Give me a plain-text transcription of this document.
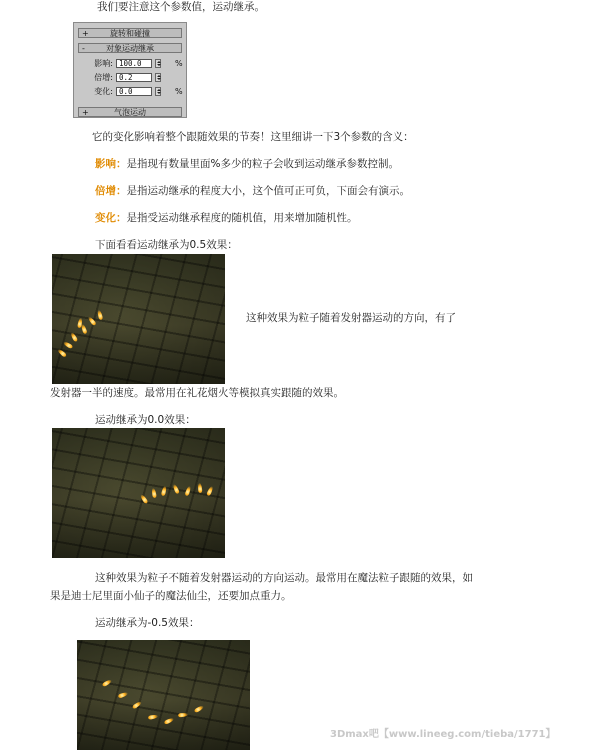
我们要注意这个参数值，运动继承。
+	旋转和碰撞
-	对象运动继承
影响: 100.0	%
倍增: 0.2
变化: 0.0	%
+	气泡运动
它的变化影响着整个跟随效果的节奏！这里细讲一下3个参数的含义：
影响：是指现有数量里面%多少的粒子会收到运动继承参数控制。
倍增：是指运动继承的程度大小，这个值可正可负，下面会有演示。
变化：是指受运动继承程度的随机值，用来增加随机性。
下面看看运动继承为0.5效果：
这种效果为粒子随着发射器运动的方向，有了
发射器一半的速度。最常用在礼花烟火等模拟真实跟随的效果。
运动继承为0.0效果：
这种效果为粒子不随着发射器运动的方向运动。最常用在魔法粒子跟随的效果，如
果是迪士尼里面小仙子的魔法仙尘，还要加点重力。
运动继承为-0.5效果：
3Dmax吧【www.lineeg.com/tieba/1771】
